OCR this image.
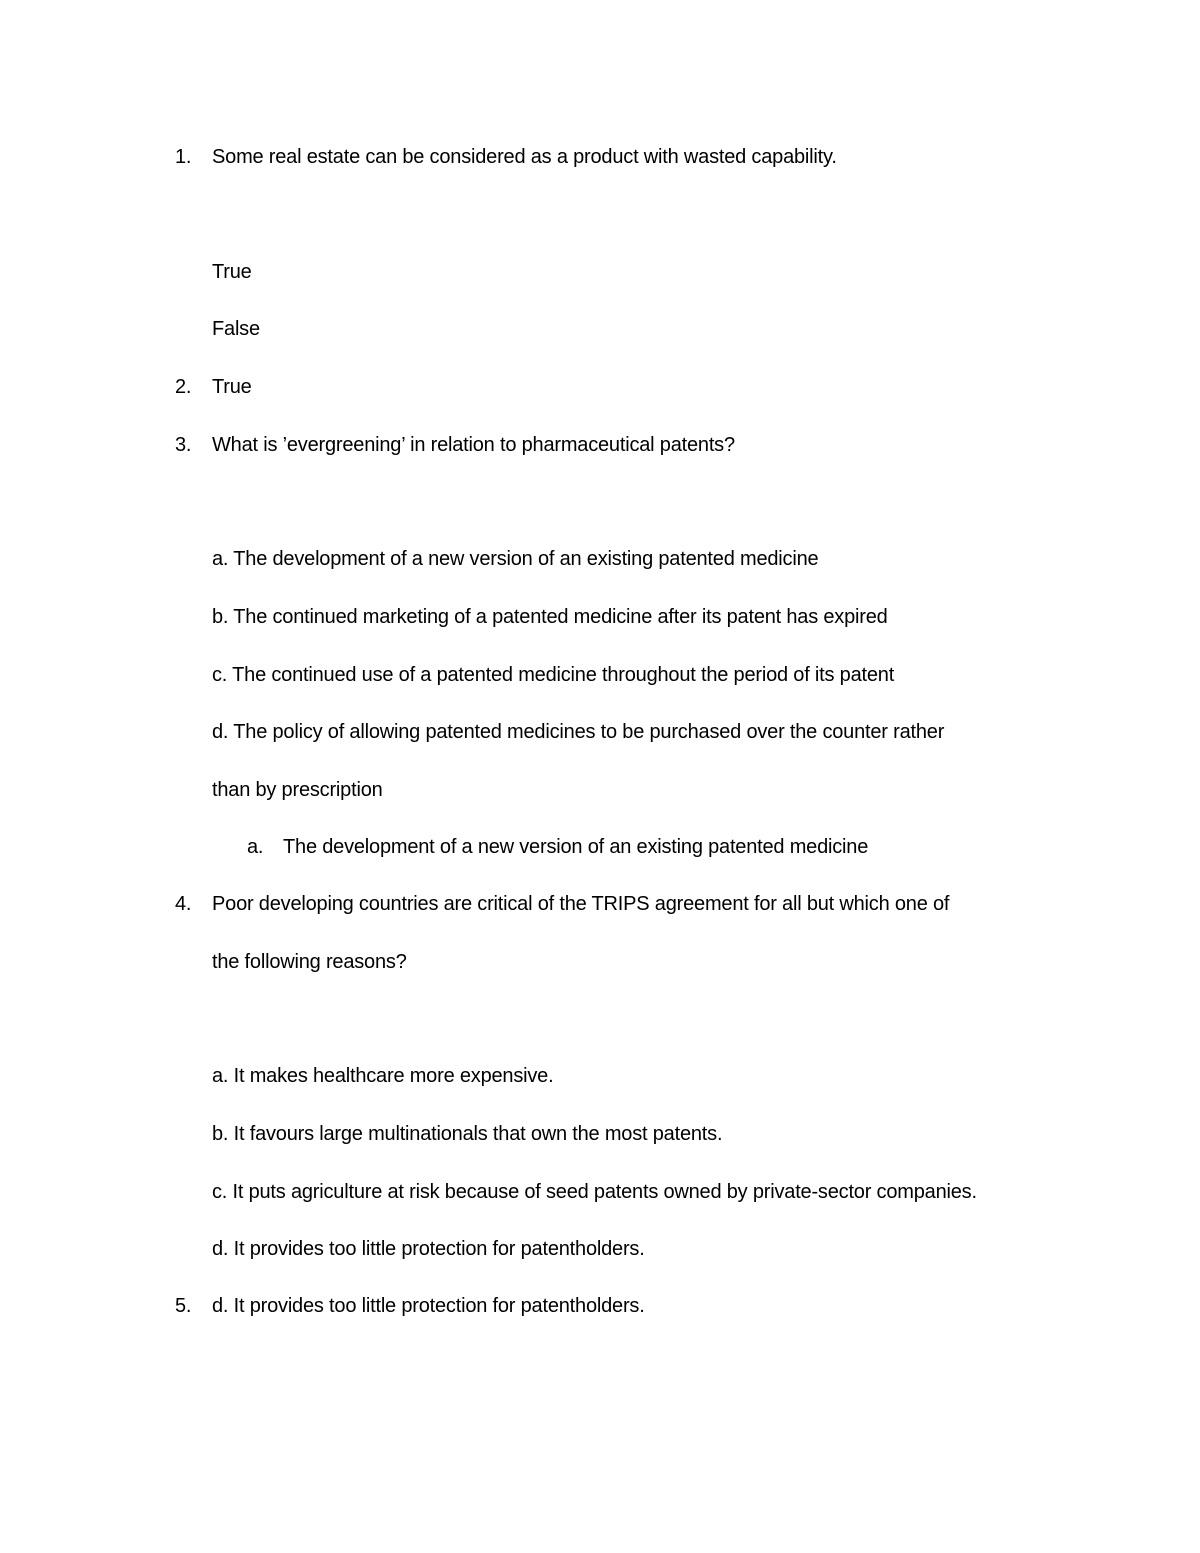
1.	Some real estate can be considered as a product with wasted capability.
True
False
2.	True
3.	What is ’evergreening’ in relation to pharmaceutical patents?
a. The development of a new version of an existing patented medicine
b. The continued marketing of a patented medicine after its patent has expired
c. The continued use of a patented medicine throughout the period of its patent
d. The policy of allowing patented medicines to be purchased over the counter rather
than by prescription
a. The development of a new version of an existing patented medicine
4.	Poor developing countries are critical of the TRIPS agreement for all but which one of
the following reasons?
a. It makes healthcare more expensive.
b. It favours large multinationals that own the most patents.
c. It puts agriculture at risk because of seed patents owned by private-sector companies.
d. It provides too little protection for patentholders.
5.	d. It provides too little protection for patentholders.
